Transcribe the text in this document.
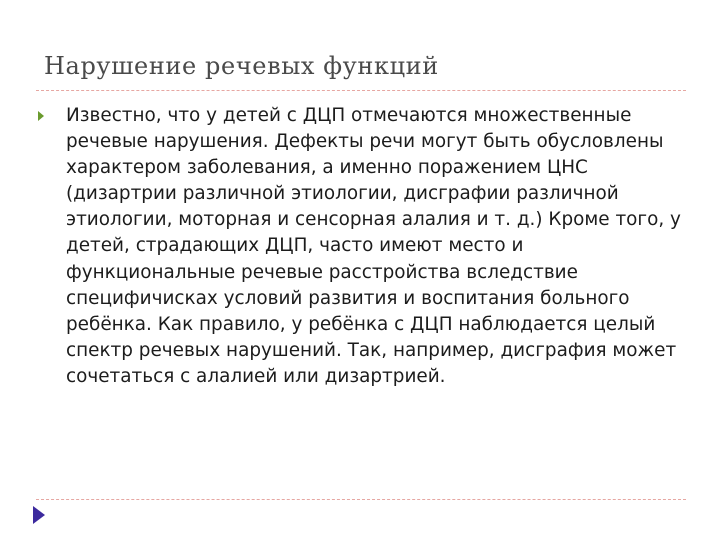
Нарушение речевых функций

Известно, что у детей с ДЦП отмечаются множественные речевые нарушения. Дефекты речи могут быть обусловлены характером заболевания, а именно поражением ЦНС (дизартрии различной этиологии, дисграфии различной этиологии, моторная и сенсорная алалия и т. д.) Кроме того, у детей, страдающих ДЦП, часто имеют место и функциональные речевые расстройства вследствие специфичисках условий развития и воспитания больного ребёнка. Как правило, у ребёнка с ДЦП наблюдается целый спектр речевых нарушений. Так, например, дисграфия может сочетаться с алалией или дизартрией.
